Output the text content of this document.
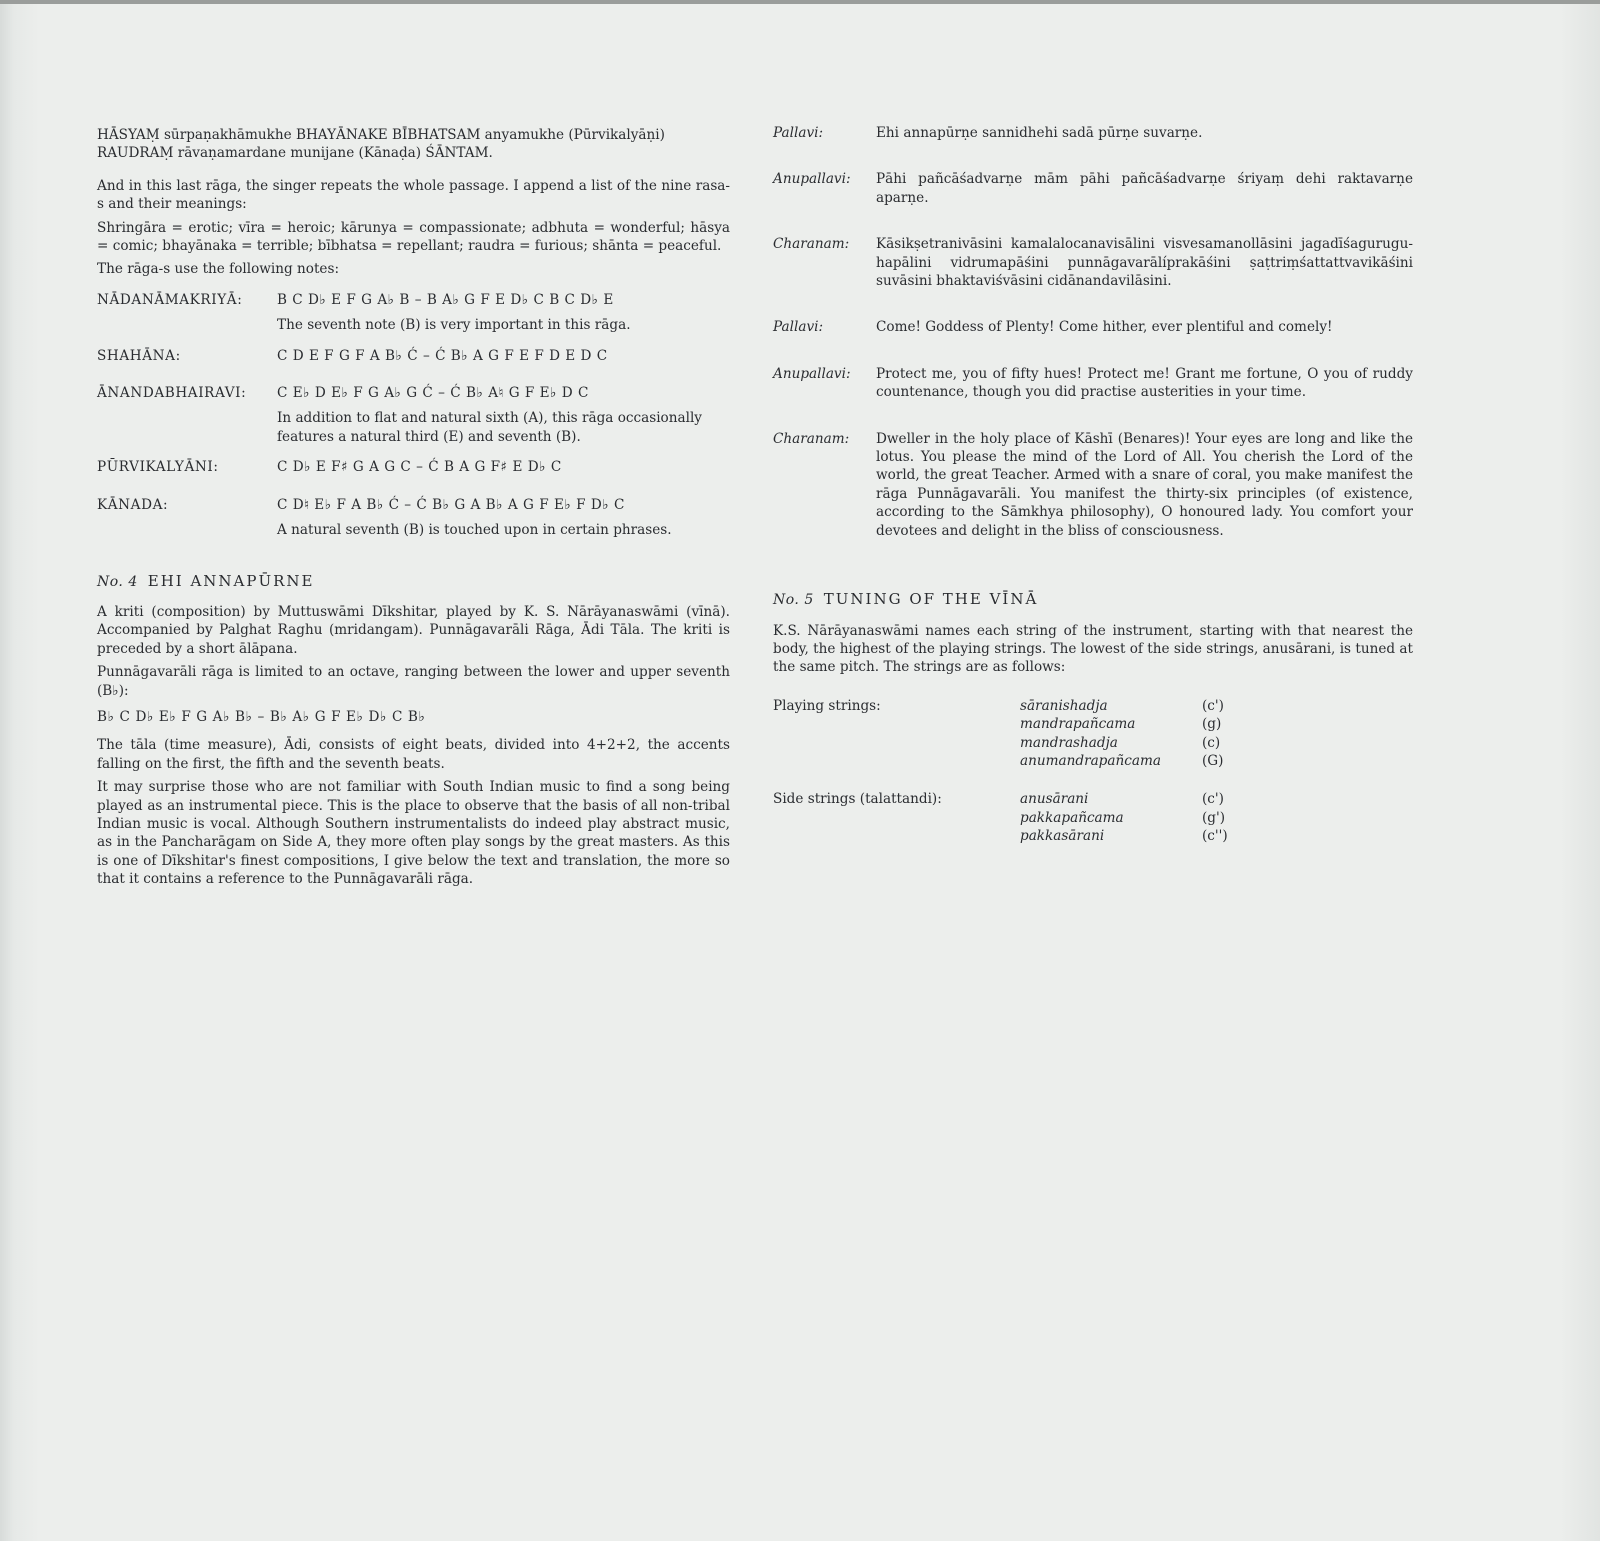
HĀSYAṂ sūrpaṇakhāmukhe BHAYĀNAKE BĪBHATSAM anyamukhe (Pūrvikalyāṇi)
RAUDRAṂ rāvaṇamardane munijane (Kānaḍa) ŚĀNTAM.

And in this last rāga, the singer repeats the whole passage. I append a list of the nine rasa-s and their meanings:

Shringāra = erotic; vīra = heroic; kārunya = compassionate; adbhuta = wonderful; hāsya = comic; bhayānaka = terrible; bībhatsa = repellant; raudra = furious; shānta = peaceful.

The rāga-s use the following notes:
NĀDANĀMAKRIYĀ:	B C D♭ E F G A♭ B – B A♭ G F E D♭ C B C D♭ E
The seventh note (B) is very important in this rāga.
SHAHĀNA:	C D E F G F A B♭ Ć – Ć B♭ A G F E F D E D C
ĀNANDABHAIRAVI:	C E♭ D E♭ F G A♭ G Ć – Ć B♭ A♮ G F E♭ D C
In addition to flat and natural sixth (A), this rāga occasionally features a natural third (E) and seventh (B).
PŪRVIKALYĀNI:	C D♭ E F♯ G A G C – Ć B A G F♯ E D♭ C
KĀNADA:	C D♮ E♭ F A B♭ Ć – Ć B♭ G A B♭ A G F E♭ F D♭ C
A natural seventh (B) is touched upon in certain phrases.
No. 4 EHI ANNAPŪRNE

A kriti (composition) by Muttuswāmi Dīkshitar, played by K. S. Nārāyanaswāmi (vīnā). Accompanied by Palghat Raghu (mridangam). Punnāgavarāli Rāga, Ādi Tāla. The kriti is preceded by a short ālāpana.

Punnāgavarāli rāga is limited to an octave, ranging between the lower and upper seventh (B♭):

B♭ C D♭ E♭ F G A♭ B♭ – B♭ A♭ G F E♭ D♭ C B♭

The tāla (time measure), Ādi, consists of eight beats, divided into 4+2+2, the accents falling on the first, the fifth and the seventh beats.

It may surprise those who are not familiar with South Indian music to find a song being played as an instrumental piece. This is the place to observe that the basis of all non-tribal Indian music is vocal. Although Southern instrumentalists do indeed play abstract music, as in the Pancharāgam on Side A, they more often play songs by the great masters. As this is one of Dīkshitar's finest compositions, I give below the text and translation, the more so that it contains a reference to the Punnāgavarāli rāga.

Pallavi:	Ehi annapūrṇe sannidhehi sadā pūrṇe suvarṇe.
Anupallavi:	Pāhi pañcāśadvarṇe mām pāhi pañcāśadvarṇe śriyaṃ dehi raktavarṇe aparṇe.
Charanam:	Kāsikṣetranivāsini kamalalocanavisālini visvesamanollāsini jagadīśagurugu-hapālini vidrumapāśini punnāgavarālíprakāśini ṣaṭtriṃśattattvavikāśini suvāsini bhaktaviśvāsini cidānandavilāsini.
Pallavi:	Come! Goddess of Plenty! Come hither, ever plentiful and comely!
Anupallavi:	Protect me, you of fifty hues! Protect me! Grant me fortune, O you of ruddy countenance, though you did practise austerities in your time.
Charanam:	Dweller in the holy place of Kāshī (Benares)! Your eyes are long and like the lotus. You please the mind of the Lord of All. You cherish the Lord of the world, the great Teacher. Armed with a snare of coral, you make manifest the rāga Punnāgavarāli. You manifest the thirty-six principles (of existence, according to the Sāmkhya philosophy), O honoured lady. You comfort your devotees and delight in the bliss of consciousness.
No. 5 TUNING OF THE VĪNĀ

K.S. Nārāyanaswāmi names each string of the instrument, starting with that nearest the body, the highest of the playing strings. The lowest of the side strings, anusārani, is tuned at the same pitch. The strings are as follows:

Playing strings:	sāranishadja	(c')
mandrapañcama	(g)
mandrashadja	(c)
anumandrapañcama	(G)
Side strings (talattandi):	anusārani	(c')
pakkapañcama	(g')
pakkasārani	(c'')
